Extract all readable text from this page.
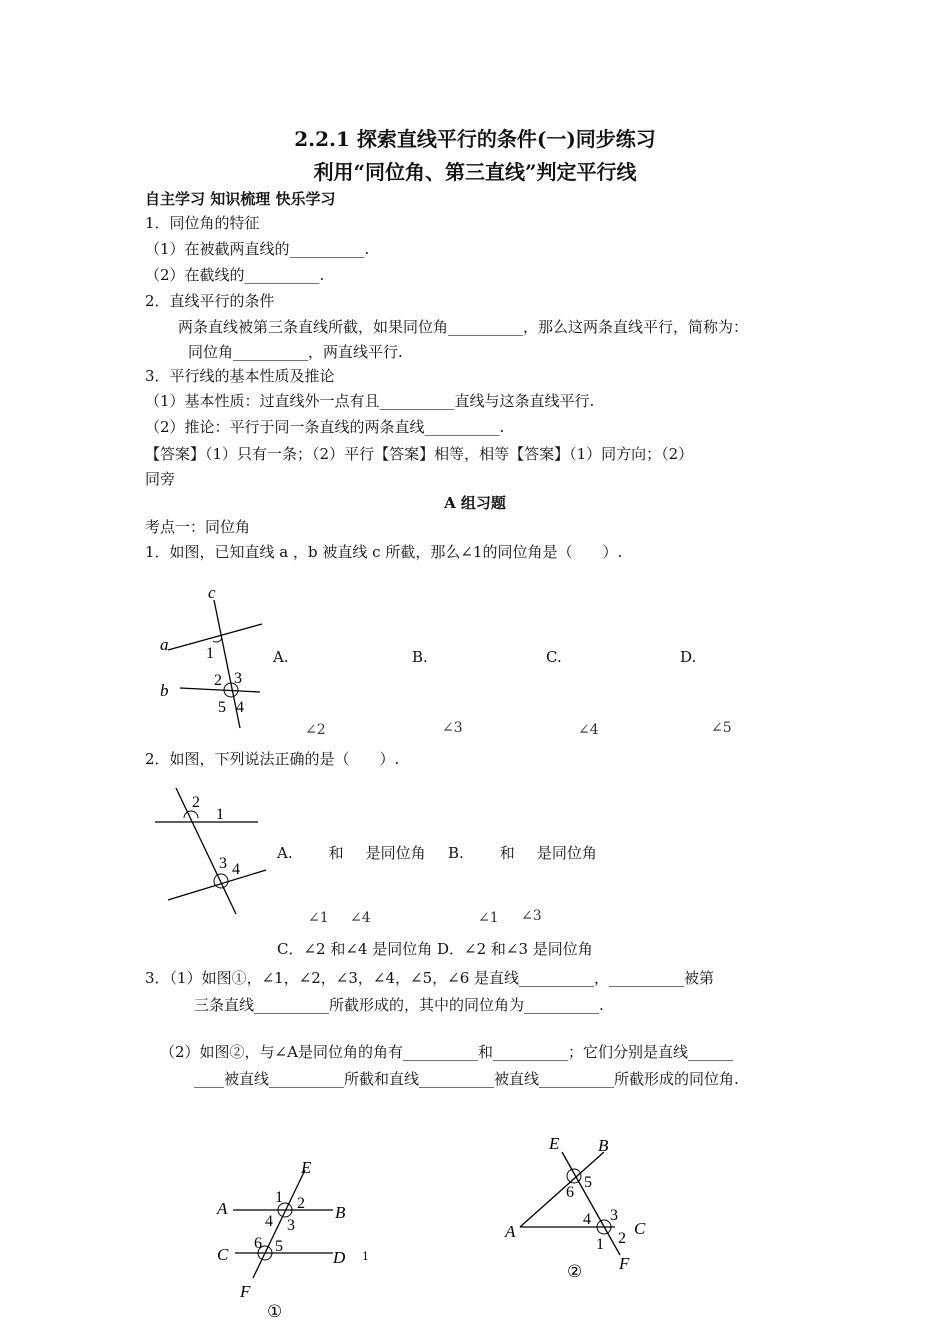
2.2.1 探索直线平行的条件(一)同步练习
利用“同位角、第三直线”判定平行线
自主学习 知识梳理 快乐学习
1．同位角的特征
（1）在被截两直线的__________.
（2）在截线的__________.
2．直线平行的条件
两条直线被第三条直线所截，如果同位角__________，那么这两条直线平行，简称为：
同位角__________，两直线平行.
3．平行线的基本性质及推论
（1）基本性质：过直线外一点有且__________直线与这条直线平行.
（2）推论：平行于同一条直线的两条直线__________.
【答案】（1）只有一条；（2）平行【答案】相等，相等【答案】（1）同方向；（2）
同旁
A 组习题
考点一：同位角
1．如图，已知直线 a ，b 被直线 c 所截，那么∠1的同位角是（　　）.
c
a
b
1
2 3
5 4
A.	B.	C.	D.
∠2	∠3	∠4	∠5
2．如图，下列说法正确的是（　　）.
2
1
3 4
A. 和 是同位角 B. 和 是同位角
∠1 ∠4	∠1 ∠3
C．∠2 和∠4 是同位角 D．∠2 和∠3 是同位角
3．（1）如图①，∠1，∠2，∠3，∠4，∠5，∠6 是直线__________，__________被第
三条直线__________所截形成的，其中的同位角为__________.
（2）如图②，与∠A是同位角的角有__________和__________；它们分别是直线______
____被直线__________所截和直线__________被直线__________所截形成的同位角.
E
A	B
C	D
F
1 2
4 3
6 5
①
1
E B
5
6
A
4 3
C
1 2
F
②
